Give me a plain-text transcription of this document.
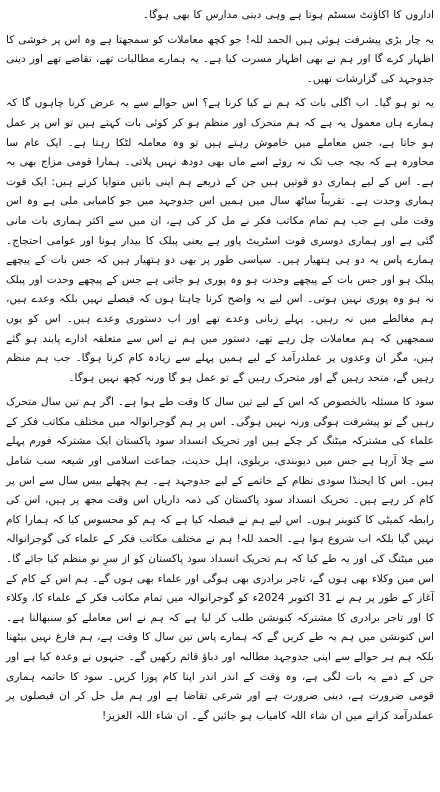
اداروں کا اکاؤنٹ سسٹم ہوتا ہے وہی دینی مدارس کا بھی ہوگا۔

یہ چار بڑی پیشرفت ہوئی ہیں الحمد للہ! جو کچھ معاملات کو سمجھتا ہے وہ اس پر خوشی کا اظہار کرے گا اور ہم نے بھی اظہار مسرت کیا ہے۔ یہ ہمارے مطالبات تھے، تقاضے تھے اور دینی جدوجہد کی گزارشات تھیں۔

یہ تو ہو گیا۔ اب اگلی بات کہ ہم نے کیا کرنا ہے؟ اس حوالے سے یہ عرض کرنا چاہوں گا کہ ہمارے ہاں معمول یہ ہے کہ ہم متحرک اور منظم ہو کر کوئی بات کہتے ہیں تو اس پر عمل ہو جاتا ہے، جس معاملے میں خاموش رہتے ہیں تو وہ معاملہ لٹکا رہتا ہے۔ ایک عام سا محاورہ ہے کہ بچہ جب تک نہ روئے اسے ماں بھی دودھ نہیں پلاتی۔ ہمارا قومی مزاج بھی یہ ہے۔ اس کے لیے ہماری دو قوتیں ہیں جن کے ذریعے ہم اپنی باتیں منوایا کرتے ہیں: ایک قوت ہماری وحدت ہے۔ تقریباً ساٹھ سال میں ہمیں اس جدوجہد میں جو کامیابی ملی ہے وہ اس وقت ملی ہے جب ہم تمام مکاتب فکر نے مل کر کی ہے، ان میں سے اکثر ہماری بات مانی گئی ہے اور ہماری دوسری قوت اسٹریٹ پاور ہے یعنی پبلک کا بیدار ہونا اور عوامی احتجاج۔ ہمارے پاس یہ دو ہی ہتھیار ہیں۔ سیاسی طور پر بھی دو ہتھیار ہیں کہ جس بات کے پیچھے پبلک ہو اور جس بات کے پیچھے وحدت ہو وہ پوری ہو جاتی ہے جس کے پیچھے وحدت اور پبلک نہ ہو وہ پوری نہیں ہوتی۔ اس لیے یہ واضح کرنا چاہتا ہوں کہ فیصلے نہیں بلکہ وعدے ہیں، ہم مغالطے میں نہ رہیں۔ پہلے زبانی وعدے تھے اور اب دستوری وعدے ہیں۔ اس کو یوں سمجھیں کہ ہم معاملات چل رہے تھے، دستور میں ہم نے اس سے متعلقہ ادارے پابند ہو گئے ہیں، مگر ان وعدوں پر عملدرآمد کے لیے ہمیں پہلے سے زیادہ کام کرنا ہوگا۔ جب ہم منظم رہیں گے، متحد رہیں گے اور متحرک رہیں گے تو عمل ہو گا ورنہ کچھ نہیں ہوگا۔

سود کا مسئلہ بالخصوص کہ اس کے لیے تین سال کا وقت طے ہوا ہے۔ اگر ہم تین سال متحرک رہیں گے تو پیشرفت ہوگی ورنہ نہیں ہوگی۔ اس پر ہم گوجرانوالہ میں مختلف مکاتب فکر کے علماء کی مشترکہ میٹنگ کر چکے ہیں اور تحریک انسداد سود پاکستان ایک مشترکہ فورم پہلے سے چلا آرہا ہے جس میں دیوبندی، بریلوی، اہل حدیث، جماعت اسلامی اور شیعہ سب شامل ہیں۔ اس کا ایجنڈا سودی نظام کے خاتمے کے لیے جدوجہد ہے۔ ہم پچھلے بیس سال سے اس پر کام کر رہے ہیں۔ تحریک انسداد سود پاکستان کی ذمہ داریاں اس وقت مجھ پر ہیں، اس کی رابطہ کمیٹی کا کنوینر ہوں۔ اس لیے ہم نے فیصلہ کیا ہے کہ ہم کو محسوس کیا کہ ہمارا کام نہیں گیا بلکہ اب شروع ہوا ہے۔ الحمد للہ! ہم نے مختلف مکاتب فکر کے علماء کی گوجرانوالہ میں میٹنگ کی اور یہ طے کیا کہ ہم تحریک انسداد سود پاکستان کو از سرِ نو منظم کیا جائے گا۔ اس میں وکلاء بھی ہوں گے، تاجر برادری بھی ہوگی اور علماء بھی ہوں گے۔ ہم اس کے کام کے آغاز کے طور پر ہم نے 31 اکتوبر 2024ء کو گوجرانوالہ میں تمام مکاتب فکر کے علماء کا، وکلاء کا اور تاجر برادری کا مشترکہ کنونشن طلب کر لیا ہے کہ ہم نے اس معاملے کو سنبھالنا ہے۔ اس کنونشن میں ہم یہ طے کریں گے کہ ہمارے پاس تین سال کا وقت ہے، ہم فارغ نہیں بیٹھنا بلکہ ہم ہر حوالے سے اپنی جدوجہد مطالبہ اور دباؤ قائم رکھیں گے۔ جنہوں نے وعدہ کیا ہے اور جن کے ذمے یہ بات لگی ہے، وہ وقت کے اندر اندر اپنا کام پورا کریں۔ سود کا خاتمہ ہماری قومی ضرورت ہے، دینی ضرورت ہے اور شرعی تقاضا ہے اور ہم مل جل کر ان فیصلوں پر عملدرآمد کرانے میں ان شاء اللہ کامیاب ہو جائیں گے۔ ان شاء اللہ العزیز!
